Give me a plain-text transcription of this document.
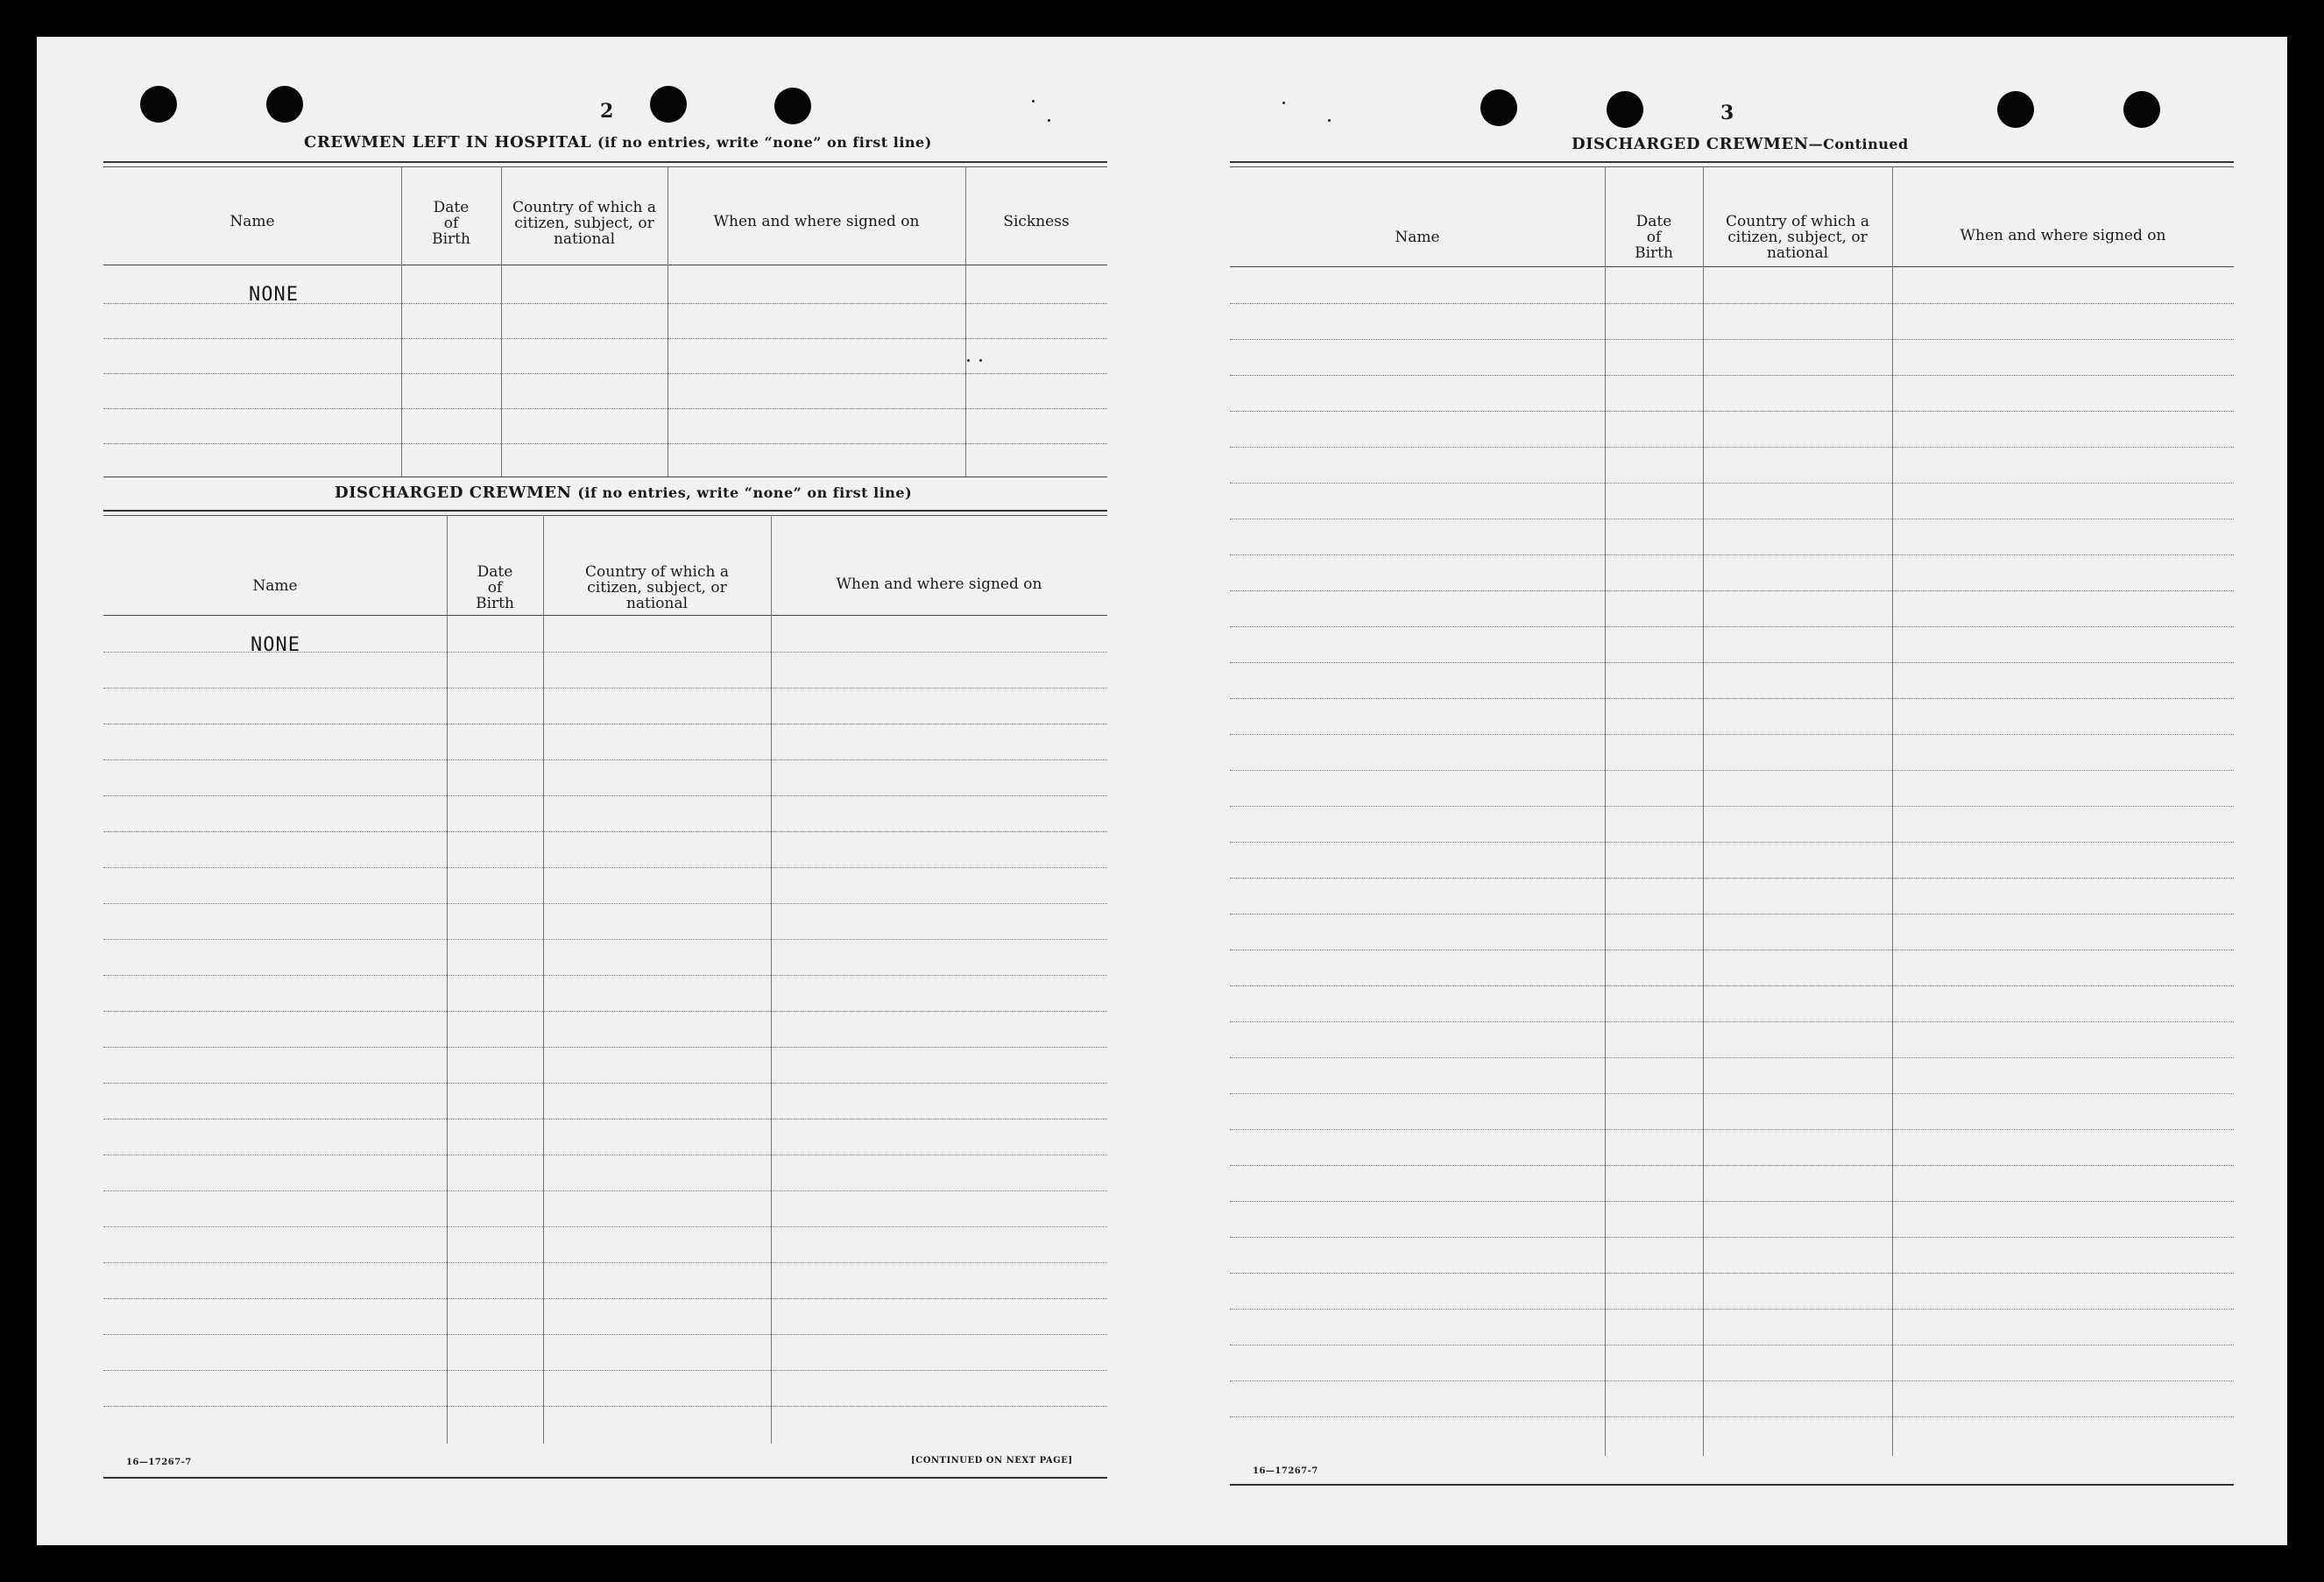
2
CREWMEN LEFT IN HOSPITAL (if no entries, write “none” on first line)
Name
Date
of
Birth
Country of which a
citizen, subject, or
national
When and where signed on	Sickness
NONE
DISCHARGED CREWMEN (if no entries, write “none” on first line)
Name
Date
of
Birth
Country of which a
citizen, subject, or
national
When and where signed on
NONE
16—17267-7	[CONTINUED ON NEXT PAGE]
3
DISCHARGED CREWMEN—Continued
Name
Date
of
Birth
Country of which a
citizen, subject, or
national
When and where signed on
16—17267-7
